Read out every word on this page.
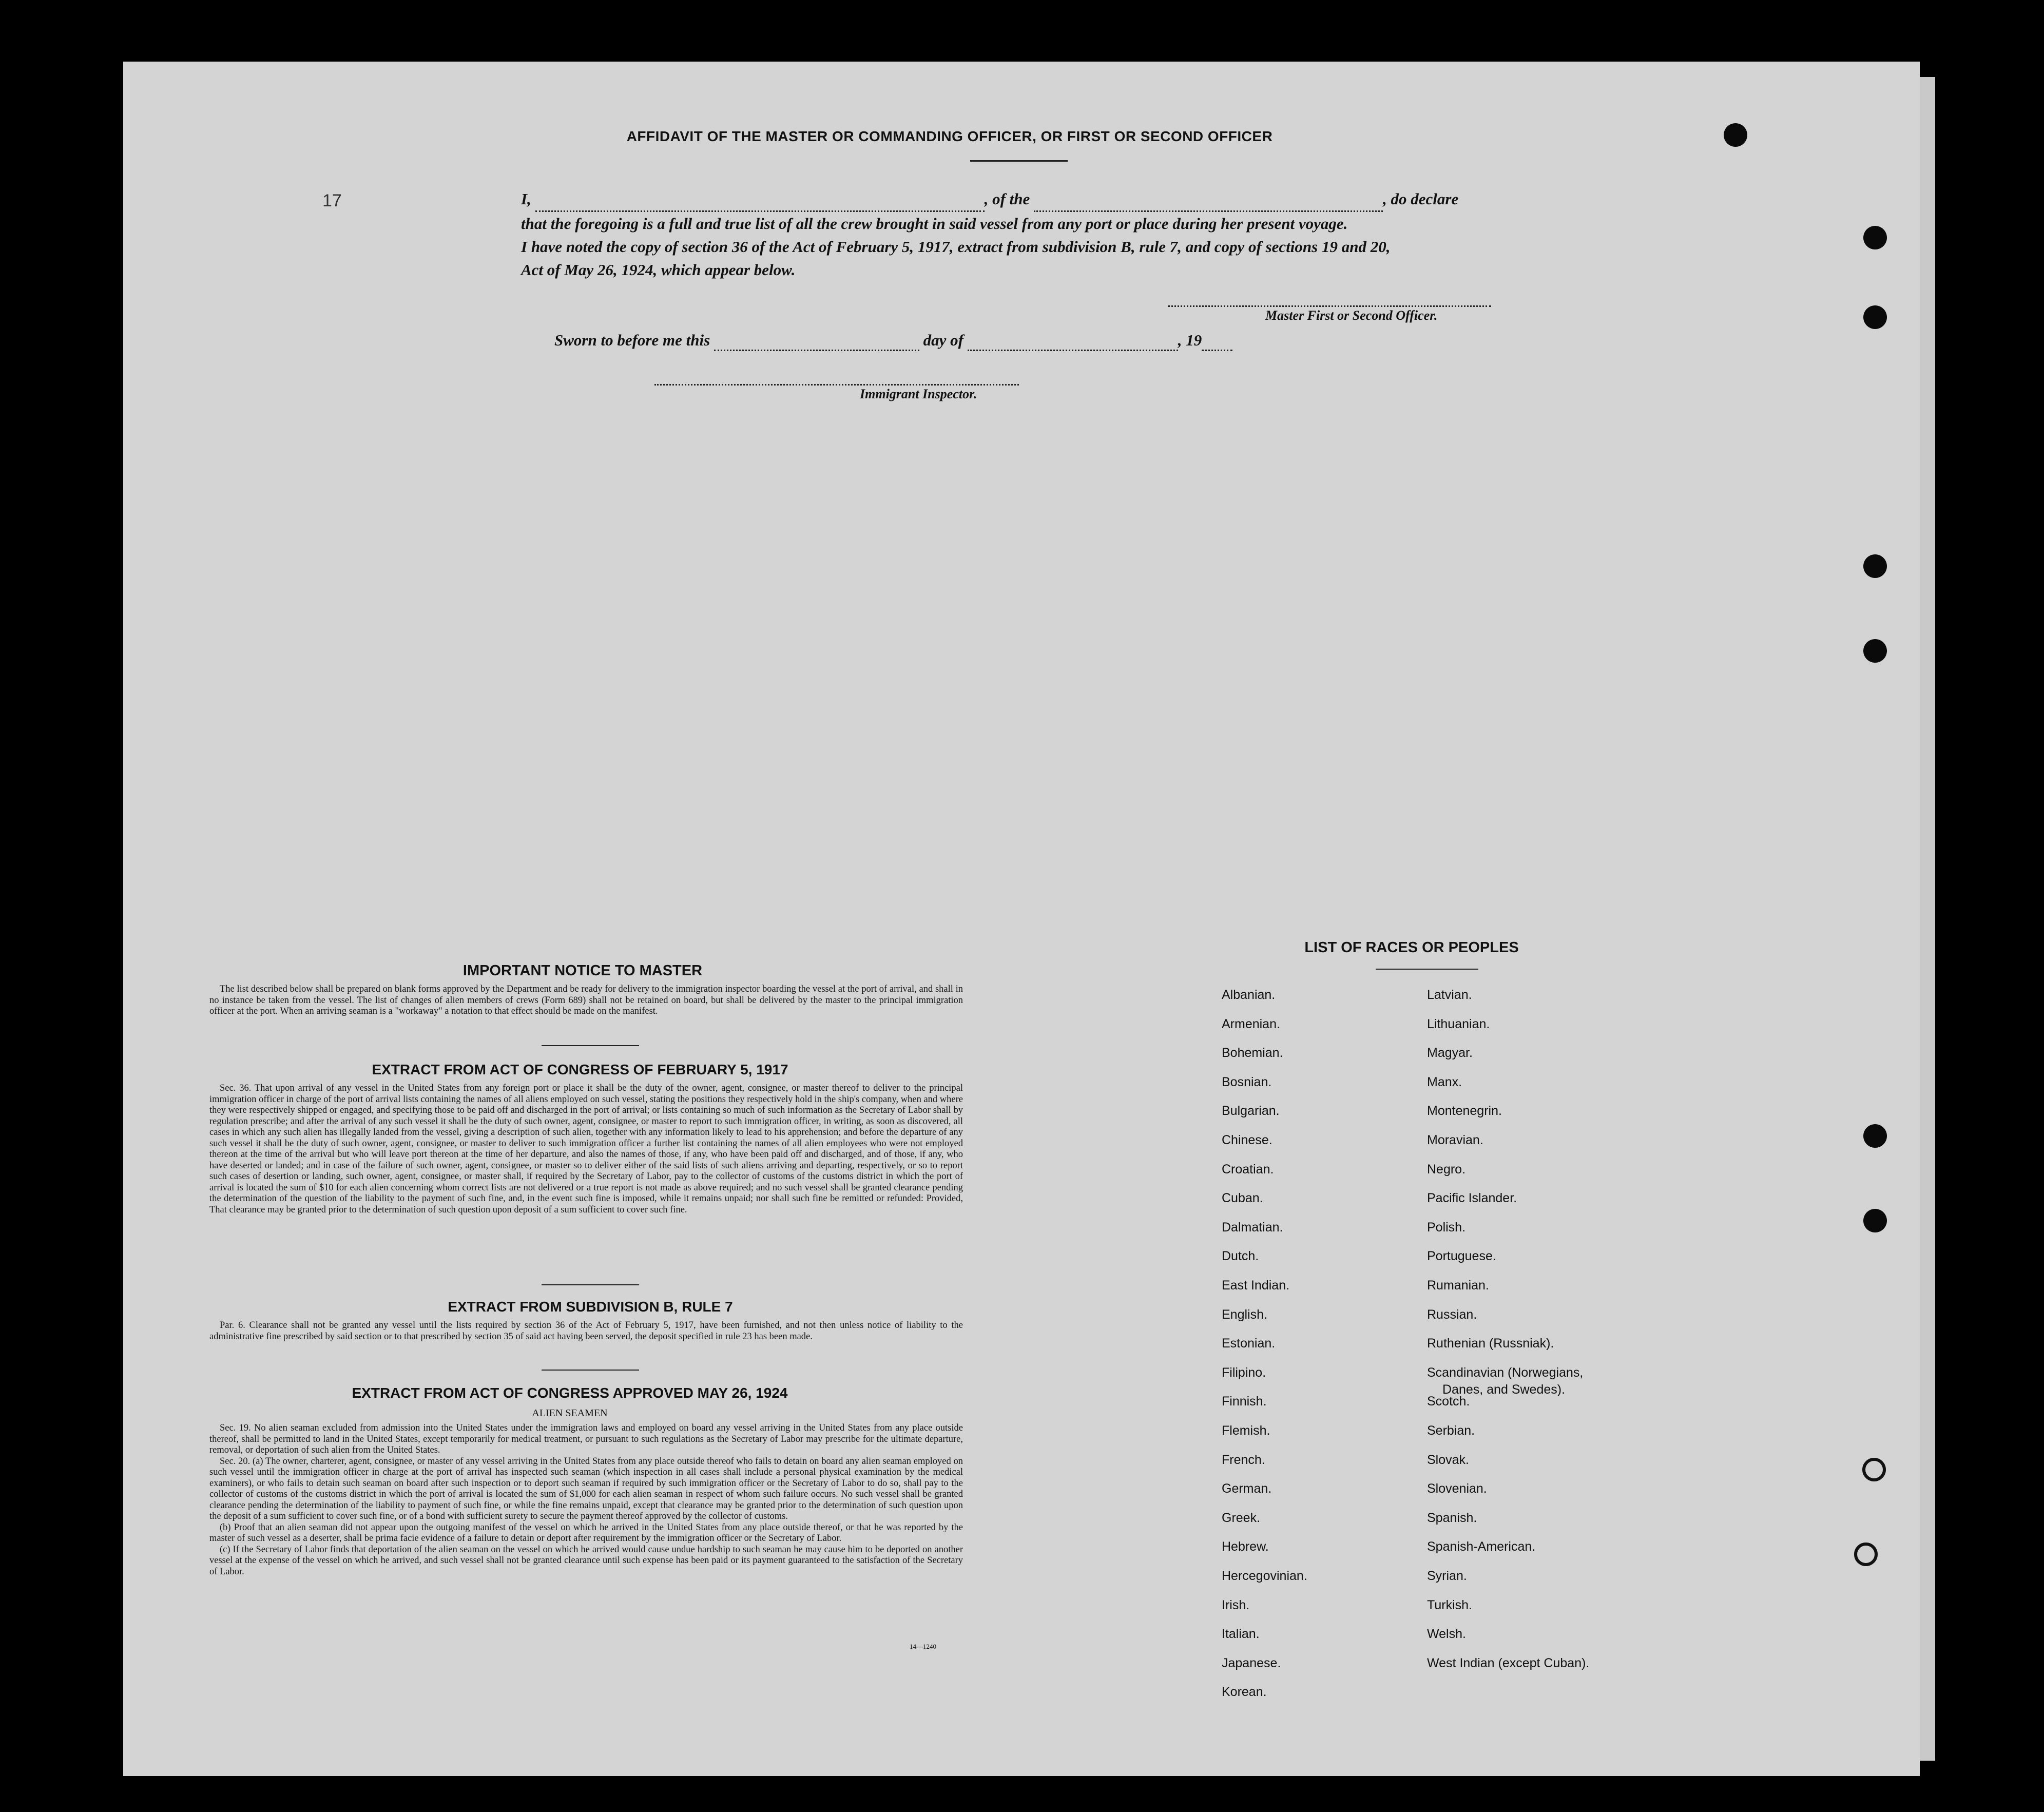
17
AFFIDAVIT OF THE MASTER OR COMMANDING OFFICER, OR FIRST OR SECOND OFFICER
I,	, of the	, do declare
that the foregoing is a full and true list of all the crew brought in said vessel from any port or place during her present voyage.
I have noted the copy of section 36 of the Act of February 5, 1917, extract from subdivision B, rule 7, and copy of sections 19 and 20,
Act of May 26, 1924, which appear below.
Master First or Second Officer.
Sworn to before me this	day of	, 19
Immigrant Inspector.
IMPORTANT NOTICE TO MASTER
The list described below shall be prepared on blank forms approved by the Department and be ready for delivery to the immigration inspector boarding the vessel at the port of arrival, and shall in no instance be taken from the vessel. The list of changes of alien members of crews (Form 689) shall not be retained on board, but shall be delivered by the master to the principal immigration officer at the port. When an arriving seaman is a "workaway" a notation to that effect should be made on the manifest.
EXTRACT FROM ACT OF CONGRESS OF FEBRUARY 5, 1917
Sec. 36. That upon arrival of any vessel in the United States from any foreign port or place it shall be the duty of the owner, agent, consignee, or master thereof to deliver to the principal immigration officer in charge of the port of arrival lists containing the names of all aliens employed on such vessel, stating the positions they respectively hold in the ship's company, when and where they were respectively shipped or engaged, and specifying those to be paid off and discharged in the port of arrival; or lists containing so much of such information as the Secretary of Labor shall by regulation prescribe; and after the arrival of any such vessel it shall be the duty of such owner, agent, consignee, or master to report to such immigration officer, in writing, as soon as discovered, all cases in which any such alien has illegally landed from the vessel, giving a description of such alien, together with any information likely to lead to his apprehension; and before the departure of any such vessel it shall be the duty of such owner, agent, consignee, or master to deliver to such immigration officer a further list containing the names of all alien employees who were not employed thereon at the time of the arrival but who will leave port thereon at the time of her departure, and also the names of those, if any, who have been paid off and discharged, and of those, if any, who have deserted or landed; and in case of the failure of such owner, agent, consignee, or master so to deliver either of the said lists of such aliens arriving and departing, respectively, or so to report such cases of desertion or landing, such owner, agent, consignee, or master shall, if required by the Secretary of Labor, pay to the collector of customs of the customs district in which the port of arrival is located the sum of $10 for each alien concerning whom correct lists are not delivered or a true report is not made as above required; and no such vessel shall be granted clearance pending the determination of the question of the liability to the payment of such fine, and, in the event such fine is imposed, while it remains unpaid; nor shall such fine be remitted or refunded: Provided, That clearance may be granted prior to the determination of such question upon deposit of a sum sufficient to cover such fine.
EXTRACT FROM SUBDIVISION B, RULE 7
Par. 6. Clearance shall not be granted any vessel until the lists required by section 36 of the Act of February 5, 1917, have been furnished, and not then unless notice of liability to the administrative fine prescribed by said section or to that prescribed by section 35 of said act having been served, the deposit specified in rule 23 has been made.
EXTRACT FROM ACT OF CONGRESS APPROVED MAY 26, 1924
ALIEN SEAMEN
Sec. 19. No alien seaman excluded from admission into the United States under the immigration laws and employed on board any vessel arriving in the United States from any place outside thereof, shall be permitted to land in the United States, except temporarily for medical treatment, or pursuant to such regulations as the Secretary of Labor may prescribe for the ultimate departure, removal, or deportation of such alien from the United States.
Sec. 20. (a) The owner, charterer, agent, consignee, or master of any vessel arriving in the United States from any place outside thereof who fails to detain on board any alien seaman employed on such vessel until the immigration officer in charge at the port of arrival has inspected such seaman (which inspection in all cases shall include a personal physical examination by the medical examiners), or who fails to detain such seaman on board after such inspection or to deport such seaman if required by such immigration officer or the Secretary of Labor to do so, shall pay to the collector of customs of the customs district in which the port of arrival is located the sum of $1,000 for each alien seaman in respect of whom such failure occurs. No such vessel shall be granted clearance pending the determination of the liability to payment of such fine, or while the fine remains unpaid, except that clearance may be granted prior to the determination of such question upon the deposit of a sum sufficient to cover such fine, or of a bond with sufficient surety to secure the payment thereof approved by the collector of customs.
(b) Proof that an alien seaman did not appear upon the outgoing manifest of the vessel on which he arrived in the United States from any place outside thereof, or that he was reported by the master of such vessel as a deserter, shall be prima facie evidence of a failure to detain or deport after requirement by the immigration officer or the Secretary of Labor.
(c) If the Secretary of Labor finds that deportation of the alien seaman on the vessel on which he arrived would cause undue hardship to such seaman he may cause him to be deported on another vessel at the expense of the vessel on which he arrived, and such vessel shall not be granted clearance until such expense has been paid or its payment guaranteed to the satisfaction of the Secretary of Labor.
14—1240
LIST OF RACES OR PEOPLES
Albanian.
Armenian.
Bohemian.
Bosnian.
Bulgarian.
Chinese.
Croatian.
Cuban.
Dalmatian.
Dutch.
East Indian.
English.
Estonian.
Filipino.
Finnish.
Flemish.
French.
German.
Greek.
Hebrew.
Hercegovinian.
Irish.
Italian.
Japanese.
Korean.
Latvian.
Lithuanian.
Magyar.
Manx.
Montenegrin.
Moravian.
Negro.
Pacific Islander.
Polish.
Portuguese.
Rumanian.
Russian.
Ruthenian (Russniak).
Scandinavian (Norwegians,
Danes, and Swedes).
Scotch.
Serbian.
Slovak.
Slovenian.
Spanish.
Spanish-American.
Syrian.
Turkish.
Welsh.
West Indian (except Cuban).
